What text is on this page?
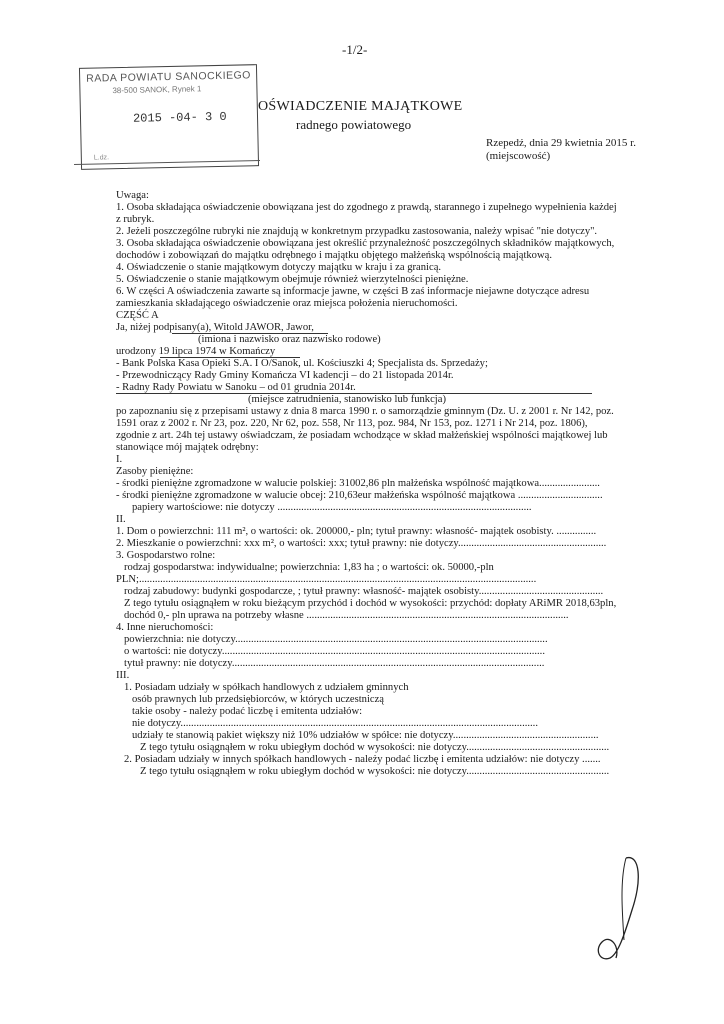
-1/2-
RADA POWIATU SANOCKIEGO
38-500 SANOK, Rynek 1
2015 -04- 3 0
L.dz.
OŚWIADCZENIE MAJĄTKOWE
radnego powiatowego
Rzepedź, dnia 29 kwietnia 2015 r.
(miejscowość)
Uwaga:
1. Osoba składająca oświadczenie obowiązana jest do zgodnego z prawdą, starannego i zupełnego wypełnienia każdej
z rubryk.
2. Jeżeli poszczególne rubryki nie znajdują w konkretnym przypadku zastosowania, należy wpisać "nie dotyczy".
3. Osoba składająca oświadczenie obowiązana jest określić przynależność poszczególnych składników majątkowych,
dochodów i zobowiązań do majątku odrębnego i majątku objętego małżeńską wspólnością majątkową.
4. Oświadczenie o stanie majątkowym dotyczy majątku w kraju i za granicą.
5. Oświadczenie o stanie majątkowym obejmuje również wierzytelności pieniężne.
6. W części A oświadczenia zawarte są informacje jawne, w części B zaś informacje niejawne dotyczące adresu
zamieszkania składającego oświadczenie oraz miejsca położenia nieruchomości.
CZĘŚĆ A
Ja, niżej podpisany(a), Witold JAWOR, Jawor,
(imiona i nazwisko oraz nazwisko rodowe)
urodzony 19 lipca 1974 w Komańczy
- Bank Polska Kasa Opieki S.A. I O/Sanok, ul. Kościuszki 4; Specjalista ds. Sprzedaży;
- Przewodniczący Rady Gminy Komańcza VI kadencji – do 21 listopada 2014r.
- Radny Rady Powiatu w Sanoku – od 01 grudnia 2014r.
(miejsce zatrudnienia, stanowisko lub funkcja)
po zapoznaniu się z przepisami ustawy z dnia 8 marca 1990 r. o samorządzie gminnym (Dz. U. z 2001 r. Nr 142, poz.
1591 oraz z 2002 r. Nr 23, poz. 220, Nr 62, poz. 558, Nr 113, poz. 984, Nr 153, poz. 1271 i Nr 214, poz. 1806),
zgodnie z art. 24h tej ustawy oświadczam, że posiadam wchodzące w skład małżeńskiej wspólności majątkowej lub
stanowiące mój majątek odrębny:
I.
Zasoby pieniężne:
- środki pieniężne zgromadzone w walucie polskiej: 31002,86 pln małżeńska wspólność majątkowa.......................
- środki pieniężne zgromadzone w walucie obcej: 210,63eur małżeńska wspólność majątkowa ................................
papiery wartościowe: nie dotyczy ................................................................................................
II.
1. Dom o powierzchni: 111 m², o wartości: ok. 200000,- pln; tytuł prawny: własność- majątek osobisty. ...............
2. Mieszkanie o powierzchni: xxx m², o wartości: xxx; tytuł prawny: nie dotyczy........................................................
3. Gospodarstwo rolne:
rodzaj gospodarstwa: indywidualne; powierzchnia: 1,83 ha ; o wartości: ok. 50000,-pln
PLN;......................................................................................................................................................
rodzaj zabudowy: budynki gospodarcze, ; tytuł prawny: własność- majątek osobisty...............................................
Z tego tytułu osiągnąłem w roku bieżącym przychód i dochód w wysokości: przychód: dopłaty ARiMR 2018,63pln,
dochód 0,- pln uprawa na potrzeby własne ...................................................................................................
4. Inne nieruchomości:
powierzchnia: nie dotyczy......................................................................................................................
o wartości: nie dotyczy..........................................................................................................................
tytuł prawny: nie dotyczy......................................................................................................................
III.
1. Posiadam udziały w spółkach handlowych z udziałem gminnych
osób prawnych lub przedsiębiorców, w których uczestniczą
takie osoby - należy podać liczbę i emitenta udziałów:
nie dotyczy.......................................................................................................................................
udziały te stanowią pakiet większy niż 10% udziałów w spółce: nie dotyczy.......................................................
Z tego tytułu osiągnąłem w roku ubiegłym dochód w wysokości: nie dotyczy......................................................
2. Posiadam udziały w innych spółkach handlowych - należy podać liczbę i emitenta udziałów: nie dotyczy .......
Z tego tytułu osiągnąłem w roku ubiegłym dochód w wysokości: nie dotyczy......................................................
